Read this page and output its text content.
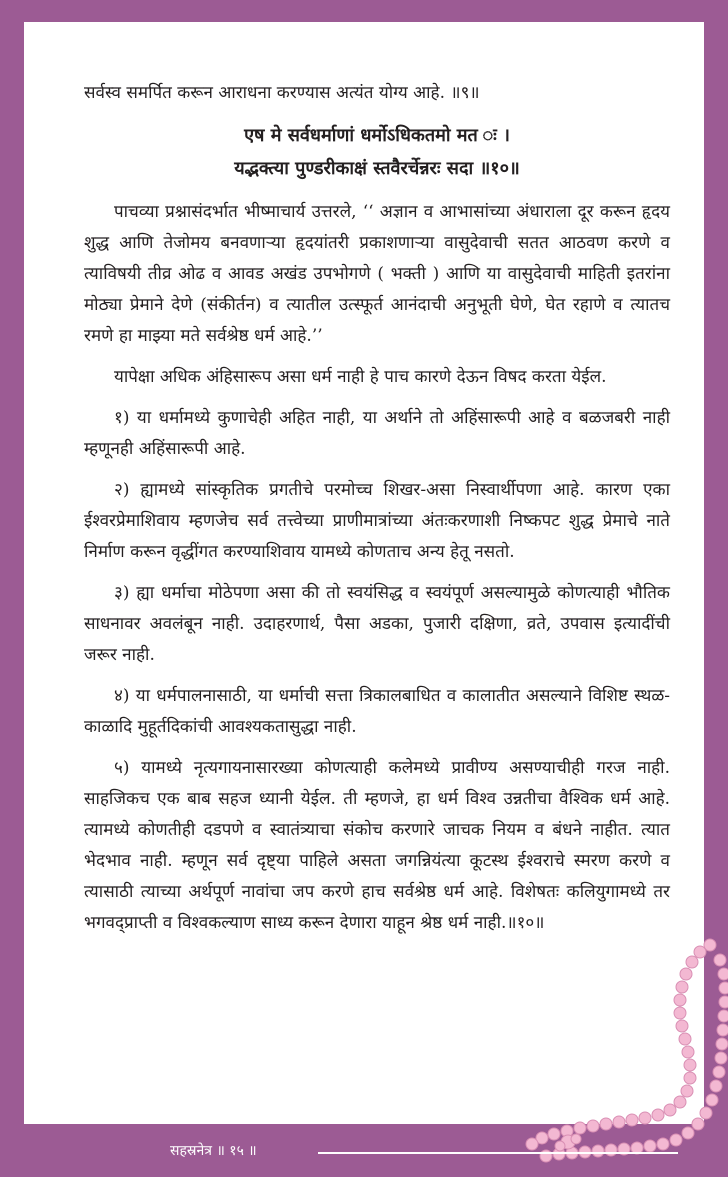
सर्वस्व समर्पित करून आराधना करण्यास अत्यंत योग्य आहे. ॥९॥

एष मे सर्वधर्माणां धर्मोऽधिकतमो मत ः ।
यद्भक्त्या पुण्डरीकाक्षं स्तवैरर्चेन्नरः सदा ॥१०॥

पाचव्या प्रश्नासंदर्भात भीष्माचार्य उत्तरले, ‘‘ अज्ञान व आभासांच्या अंधाराला दूर करून हृदय शुद्ध आणि तेजोमय बनवणाऱ्या हृदयांतरी प्रकाशणाऱ्या वासुदेवाची सतत आठवण करणे व त्याविषयी तीव्र ओढ व आवड अखंड उपभोगणे ( भक्ती ) आणि या वासुदेवाची माहिती इतरांना मोठ्या प्रेमाने देणे (संकीर्तन) व त्यातील उत्स्फूर्त आनंदाची अनुभूती घेणे, घेत रहाणे व त्यातच रमणे हा माझ्या मते सर्वश्रेष्ठ धर्म आहे.’’

यापेक्षा अधिक अंहिसारूप असा धर्म नाही हे पाच कारणे देऊन विषद करता येईल.

१) या धर्मामध्ये कुणाचेही अहित नाही, या अर्थाने तो अहिंसारूपी आहे व बळजबरी नाही म्हणूनही अहिंसारूपी आहे.

२) ह्यामध्ये सांस्कृतिक प्रगतीचे परमोच्च शिखर-असा निस्वार्थीपणा आहे. कारण एका ईश्वरप्रेमाशिवाय म्हणजेच सर्व तत्त्वेच्या प्राणीमात्रांच्या अंतःकरणाशी निष्कपट शुद्ध प्रेमाचे नाते निर्माण करून वृद्धींगत करण्याशिवाय यामध्ये कोणताच अन्य हेतू नसतो.

३) ह्या धर्माचा मोठेपणा असा की तो स्वयंसिद्ध व स्वयंपूर्ण असल्यामुळे कोणत्याही भौतिक साधनावर अवलंबून नाही. उदाहरणार्थ, पैसा अडका, पुजारी दक्षिणा, व्रते, उपवास इत्यादींची जरूर नाही.

४) या धर्मपालनासाठी, या धर्माची सत्ता त्रिकालबाधित व कालातीत असल्याने विशिष्ट स्थळ-काळादि मुहूर्तदिकांची आवश्यकतासुद्धा नाही.

५) यामध्ये नृत्यगायनासारख्या कोणत्याही कलेमध्ये प्रावीण्य असण्याचीही गरज नाही. साहजिकच एक बाब सहज ध्यानी येईल. ती म्हणजे, हा धर्म विश्व उन्नतीचा वैश्विक धर्म आहे. त्यामध्ये कोणतीही दडपणे व स्वातंत्र्याचा संकोच करणारे जाचक नियम व बंधने नाहीत. त्यात भेदभाव नाही. म्हणून सर्व दृष्ट्या पाहिले असता जगन्नियंत्या कूटस्थ ईश्वराचे स्मरण करणे व त्यासाठी त्याच्या अर्थपूर्ण नावांचा जप करणे हाच सर्वश्रेष्ठ धर्म आहे. विशेषतः कलियुगामध्ये तर भगवद्प्राप्ती व विश्वकल्याण साध्य करून देणारा याहून श्रेष्ठ धर्म नाही.॥१०॥

सहस्रनेत्र ॥ १५ ॥
